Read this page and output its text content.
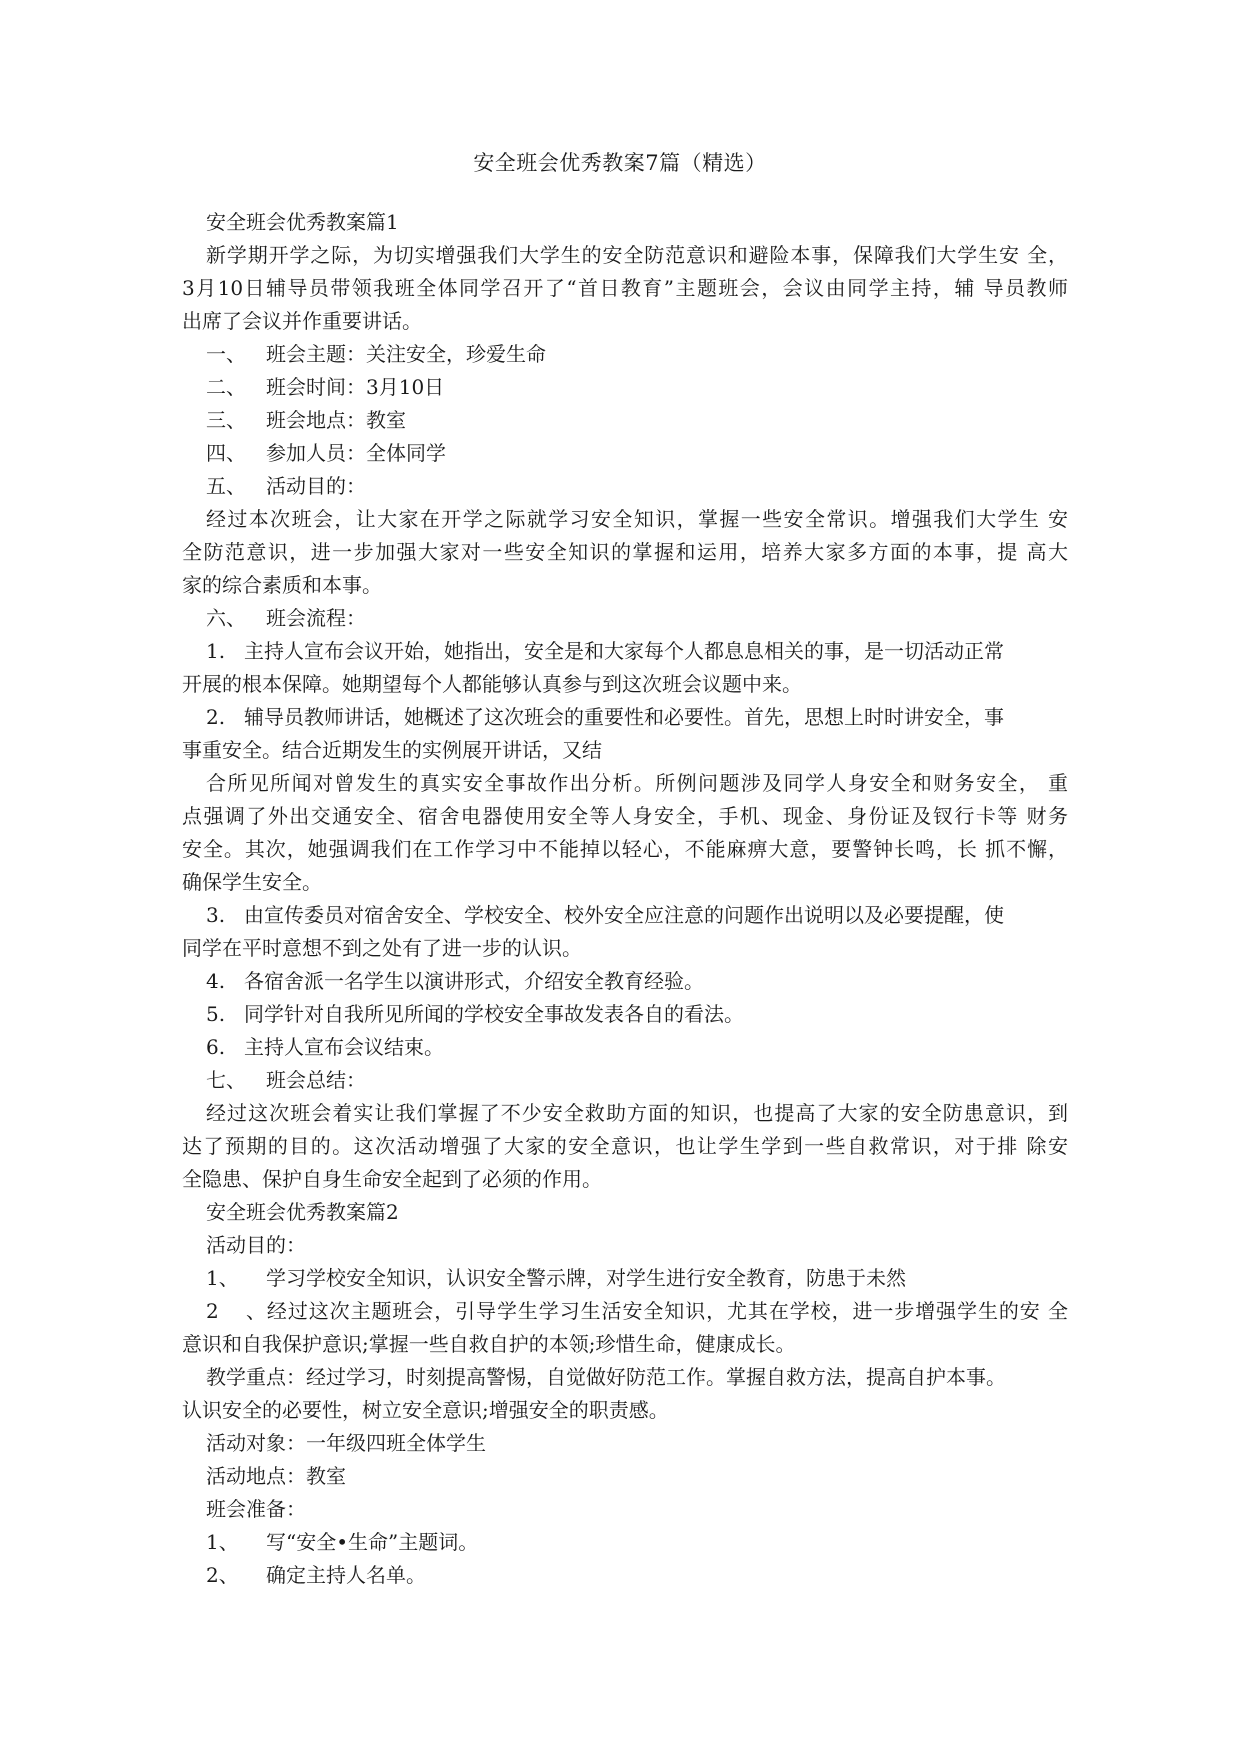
安全班会优秀教案7篇（精选）
安全班会优秀教案篇1
新学期开学之际，为切实增强我们大学生的安全防范意识和避险本事，保障我们大学生安 全，
3月10日辅导员带领我班全体同学召开了“首日教育”主题班会，会议由同学主持，辅 导员教师
出席了会议并作重要讲话。
一、 班会主题：关注安全，珍爱生命
二、 班会时间：3月10日
三、 班会地点：教室
四、 参加人员：全体同学
五、 活动目的：
经过本次班会，让大家在开学之际就学习安全知识，掌握一些安全常识。增强我们大学生 安
全防范意识，进一步加强大家对一些安全知识的掌握和运用，培养大家多方面的本事，提 高大
家的综合素质和本事。
六、 班会流程：
1. 主持人宣布会议开始，她指出，安全是和大家每个人都息息相关的事，是一切活动正常
开展的根本保障。她期望每个人都能够认真参与到这次班会议题中来。
2. 辅导员教师讲话，她概述了这次班会的重要性和必要性。首先，思想上时时讲安全，事
事重安全。结合近期发生的实例展开讲话，又结
合所见所闻对曾发生的真实安全事故作出分析。所例问题涉及同学人身安全和财务安全， 重
点强调了外出交通安全、宿舍电器使用安全等人身安全，手机、现金、身份证及钗行卡等 财务
安全。其次，她强调我们在工作学习中不能掉以轻心，不能麻痹大意，要警钟长鸣，长 抓不懈，
确保学生安全。
3. 由宣传委员对宿舍安全、学校安全、校外安全应注意的问题作出说明以及必要提醒，使
同学在平时意想不到之处有了进一步的认识。
4. 各宿舍派一名学生以演讲形式，介绍安全教育经验。
5. 同学针对自我所见所闻的学校安全事故发表各自的看法。
6. 主持人宣布会议结束。
七、 班会总结：
经过这次班会着实让我们掌握了不少安全救助方面的知识，也提高了大家的安全防患意识，到
达了预期的目的。这次活动增强了大家的安全意识，也让学生学到一些自救常识，对于排 除安
全隐患、保护自身生命安全起到了必须的作用。
安全班会优秀教案篇2
活动目的：
1、 学习学校安全知识，认识安全警示牌，对学生进行安全教育，防患于未然
2、经过这次主题班会，引导学生学习生活安全知识，尤其在学校，进一步增强学生的安 全
意识和自我保护意识;掌握一些自救自护的本领;珍惜生命，健康成长。
教学重点：经过学习，时刻提高警惕，自觉做好防范工作。掌握自救方法，提高自护本事。
认识安全的必要性，树立安全意识;增强安全的职责感。
活动对象：一年级四班全体学生
活动地点：教室
班会准备：
1、 写“安全•生命”主题词。
2、 确定主持人名单。
